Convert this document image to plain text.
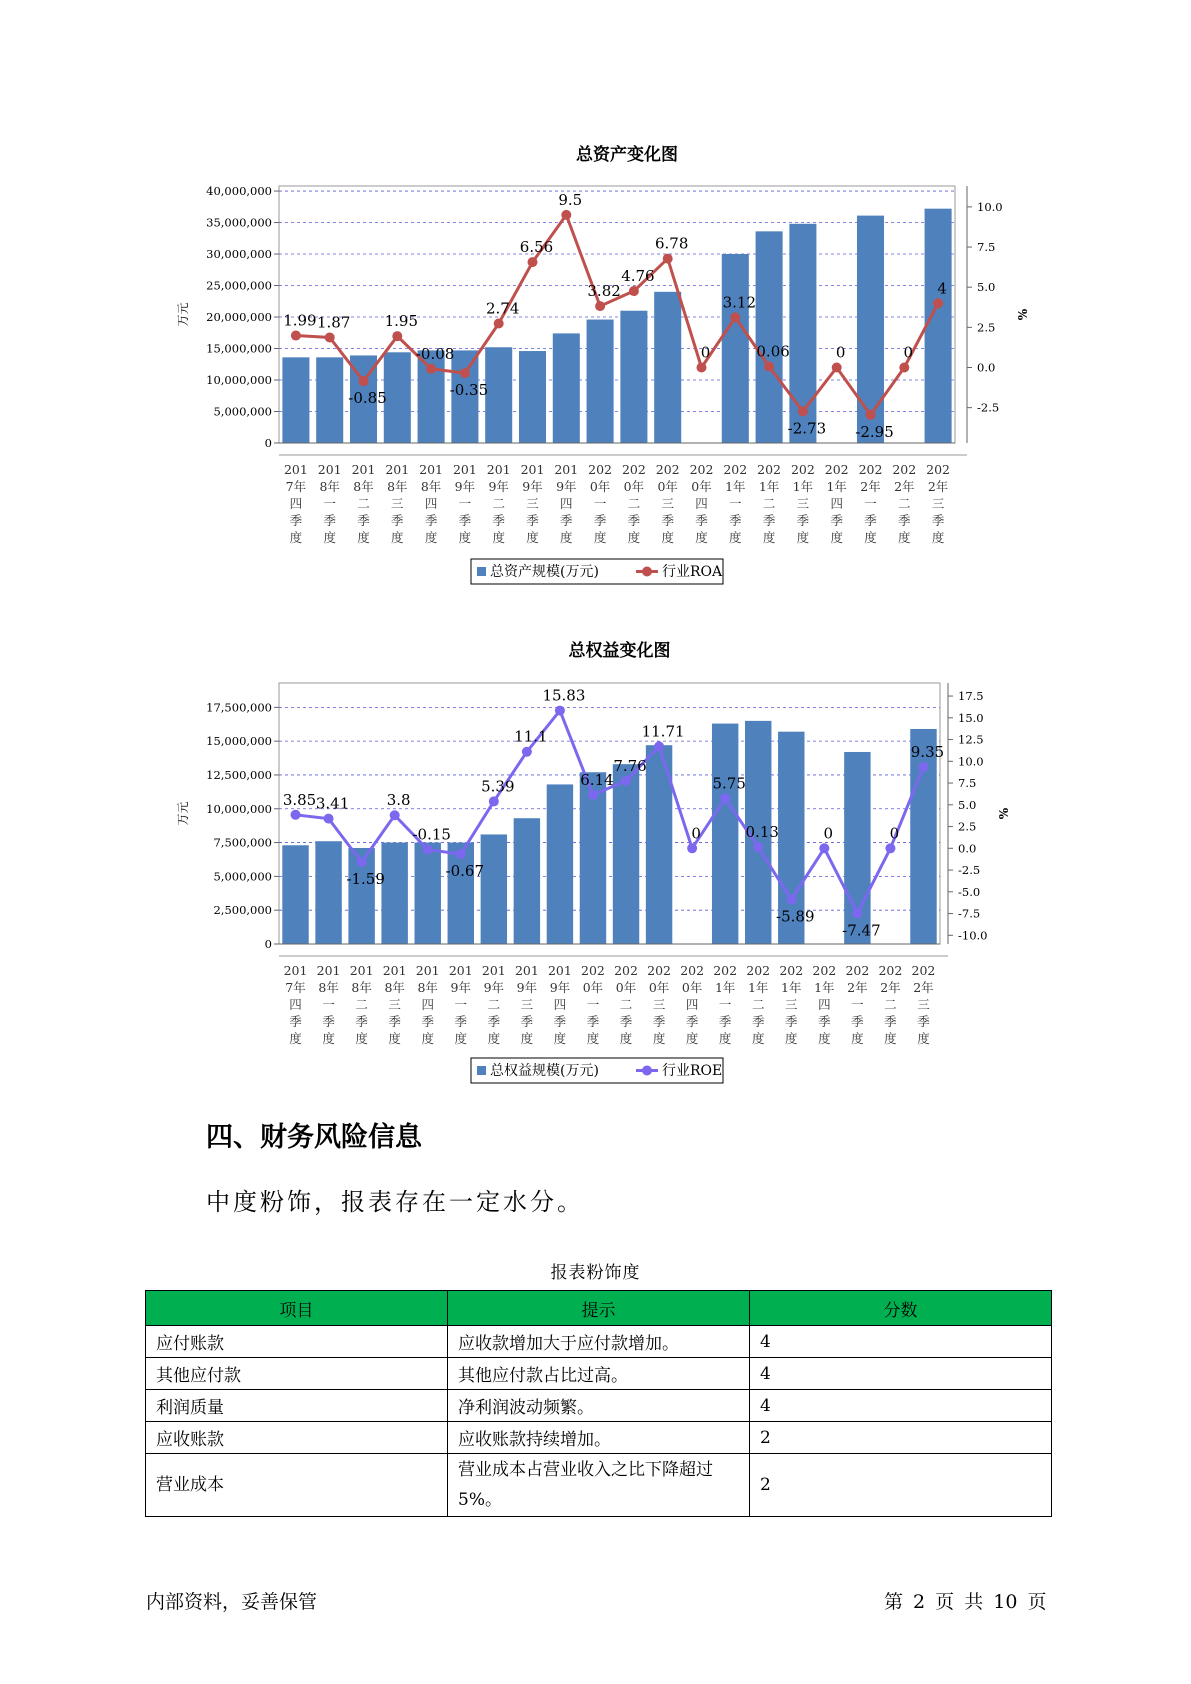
总资产变化图
0
5,000,000
10,000,000
15,000,000
20,000,000
25,000,000
30,000,000
35,000,000
40,000,000
万元
-2.5
0.0
2.5
5.0
7.5
10.0
%
1.99 1.87
-0.85
1.95
-0.08
-0.35
2.74
6.56
9.5
3.82
4.76
6.78
0
3.12
0.06
-2.73
0
-2.95
0
4
201
7年
四
季
度
201
8年
一
季
度
201
8年
二
季
度
201
8年
三
季
度
201
8年
四
季
度
201
9年
一
季
度
201
9年
二
季
度
201
9年
三
季
度
201
9年
四
季
度
202
0年
一
季
度
202
0年
二
季
度
202
0年
三
季
度
202
0年
四
季
度
202
1年
一
季
度
202
1年
二
季
度
202
1年
三
季
度
202
1年
四
季
度
202
2年
一
季
度
202
2年
二
季
度
202
2年
三
季
度
总资产规模(万元)	行业ROA
总权益变化图
0
2,500,000
5,000,000
7,500,000
10,000,000
12,500,000
15,000,000
17,500,000
万元
-10.0
-7.5
-5.0
-2.5
0.0
2.5
5.0
7.5
10.0
12.5
15.0
17.5
%
3.85 3.41
-1.59
3.8
-0.15
-0.67
5.39
11.1
15.83
6.14
7.76
11.71
0
5.75
0.13
-5.89
0
-7.47
0
9.35
201
7年
四
季
度
201
8年
一
季
度
201
8年
二
季
度
201
8年
三
季
度
201
8年
四
季
度
201
9年
一
季
度
201
9年
二
季
度
201
9年
三
季
度
201
9年
四
季
度
202
0年
一
季
度
202
0年
二
季
度
202
0年
三
季
度
202
0年
四
季
度
202
1年
一
季
度
202
1年
二
季
度
202
1年
三
季
度
202
1年
四
季
度
202
2年
一
季
度
202
2年
二
季
度
202
2年
三
季
度
总权益规模(万元)	行业ROE
四、财务风险信息

中度粉饰，报表存在一定水分。

报表粉饰度
项目	提示	分数
应付账款	应收款增加大于应付款增加。	4
其他应付款	其他应付款占比过高。	4
利润质量	净利润波动频繁。	4
应收账款	应收账款持续增加。	2
营业成本	营业成本占营业收入之比下降超过5%。	2
内部资料，妥善保管	第 2 页 共 10 页
